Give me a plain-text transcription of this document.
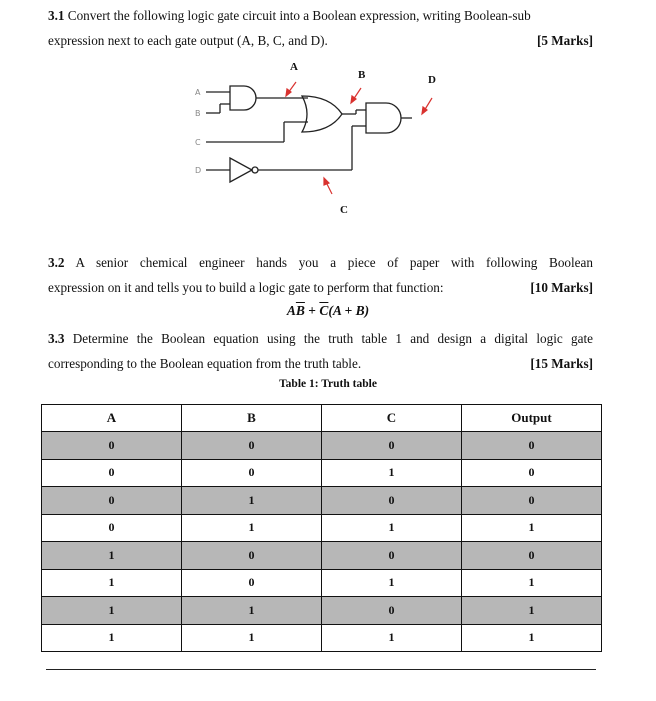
3.1 Convert the following logic gate circuit into a Boolean expression, writing Boolean-sub
expression next to each gate output (A, B, C, and D).	[5 Marks]
A
B
C
D
A
B
C
D
3.2 A senior chemical engineer hands you a piece of paper with following Boolean
expression on it and tells you to build a logic gate to perform that function:	[10 Marks]
$A\overline{B} + \overline{C}(A + B)$
3.3 Determine the Boolean equation using the truth table 1 and design a digital logic gate
corresponding to the Boolean equation from the truth table.	[15 Marks]
Table 1: Truth table
A	B	C	Output
0	0	0	0
0	0	1	0
0	1	0	0
0	1	1	1
1	0	0	0
1	0	1	1
1	1	0	1
1	1	1	1
